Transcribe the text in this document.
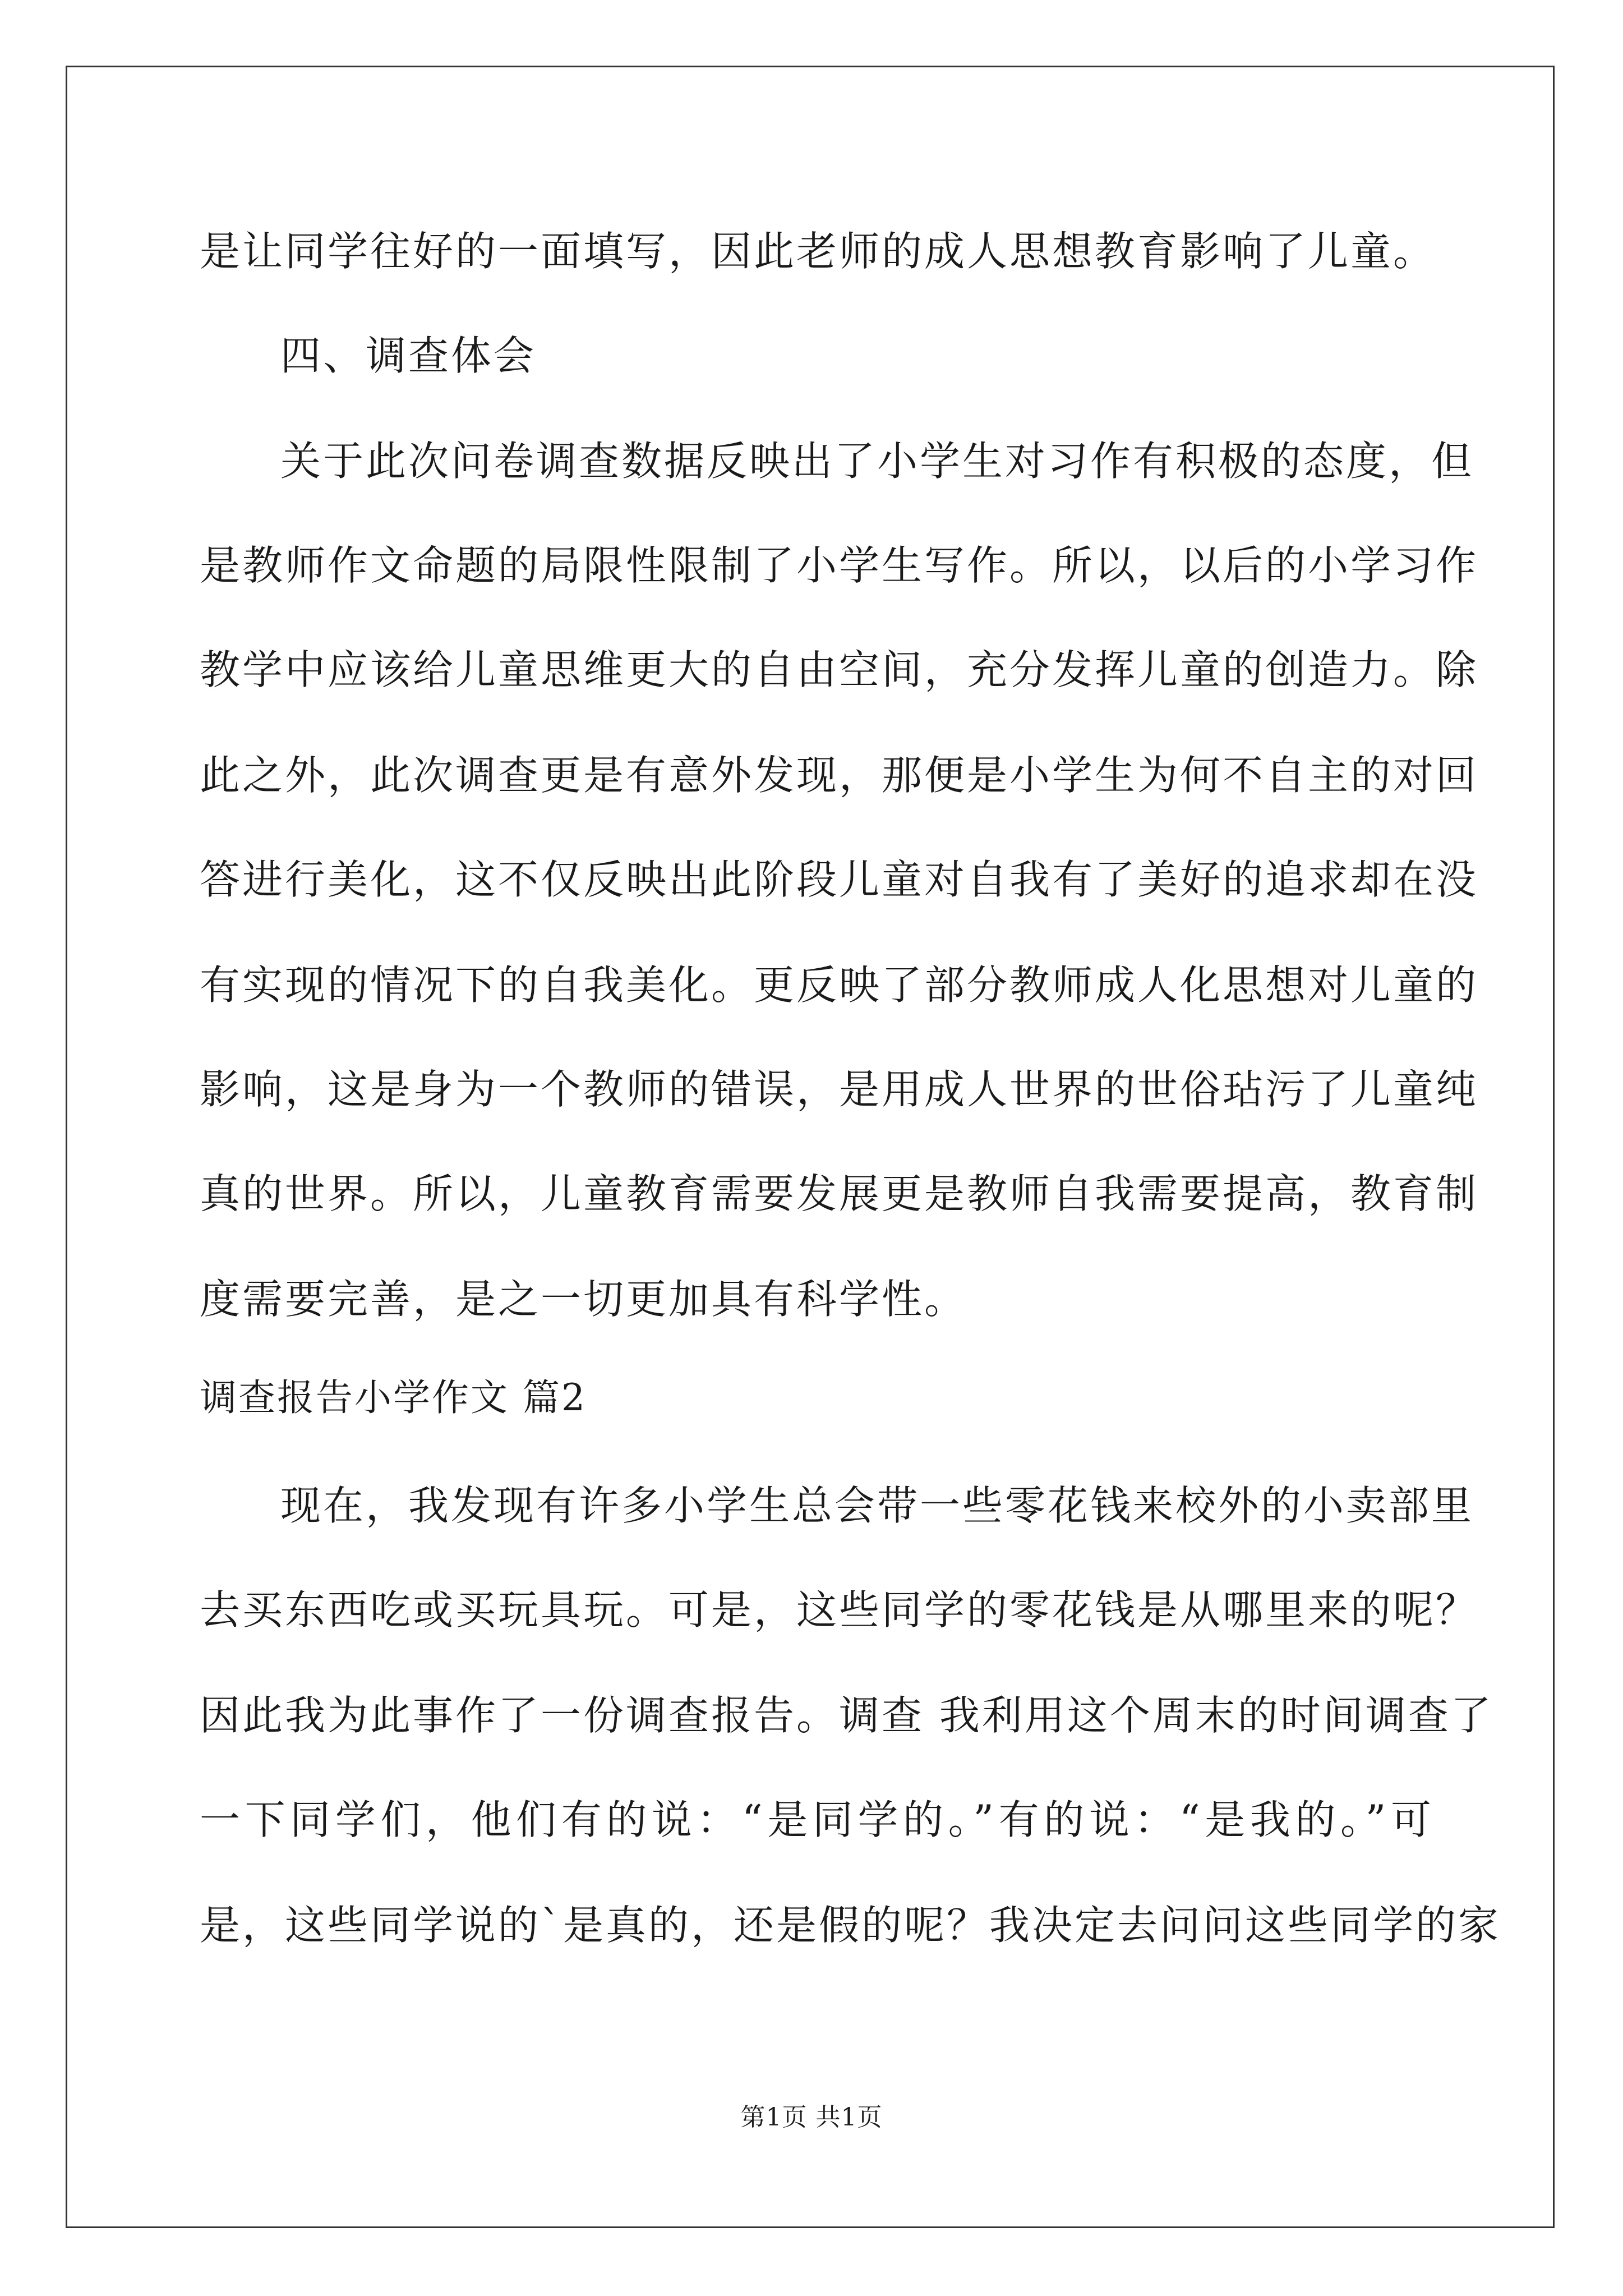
是让同学往好的一面填写，因此老师的成人思想教育影响了儿童。
四、调查体会
关于此次问卷调查数据反映出了小学生对习作有积极的态度，但
是教师作文命题的局限性限制了小学生写作。所以，以后的小学习作
教学中应该给儿童思维更大的自由空间，充分发挥儿童的创造力。除
此之外，此次调查更是有意外发现，那便是小学生为何不自主的对回
答进行美化，这不仅反映出此阶段儿童对自我有了美好的追求却在没
有实现的情况下的自我美化。更反映了部分教师成人化思想对儿童的
影响，这是身为一个教师的错误，是用成人世界的世俗玷污了儿童纯
真的世界。所以，儿童教育需要发展更是教师自我需要提高，教育制
度需要完善，是之一切更加具有科学性。
调查报告小学作文 篇2
现在，我发现有许多小学生总会带一些零花钱来校外的小卖部里
去买东西吃或买玩具玩。可是，这些同学的零花钱是从哪里来的呢？
因此我为此事作了一份调查报告。调查 我利用这个周末的时间调查了
一下同学们，他们有的说：“是同学的。”有的说：“是我的。”可
是，这些同学说的`是真的，还是假的呢？我决定去问问这些同学的家
第1页 共1页
